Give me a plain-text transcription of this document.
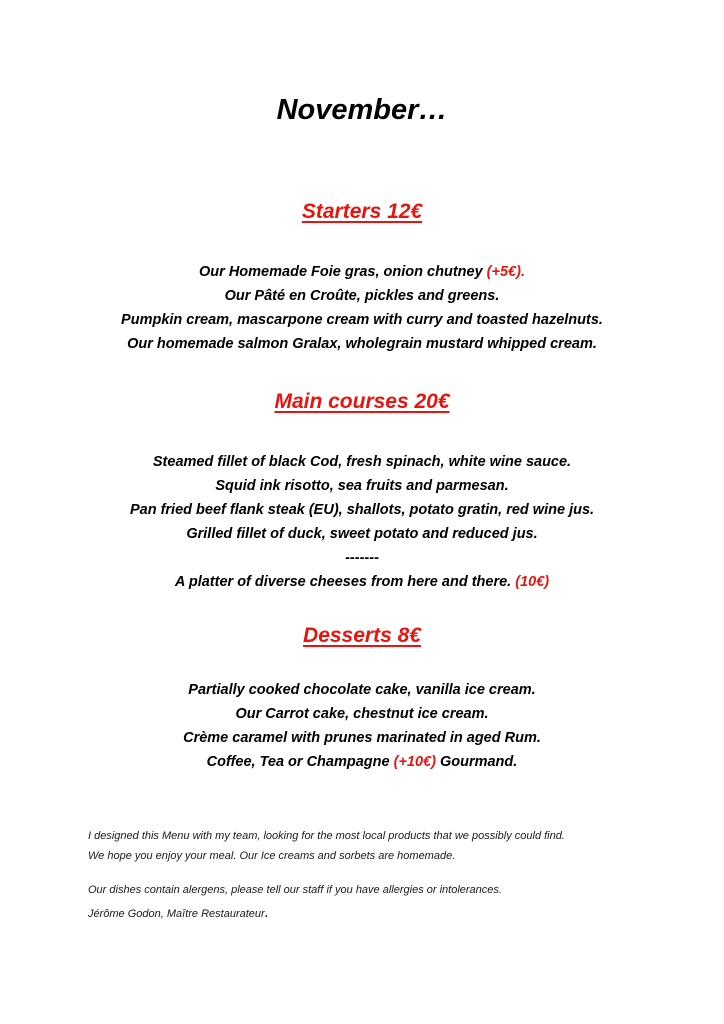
November…
Starters 12€
Our Homemade Foie gras, onion chutney (+5€).
Our Pâté en Croûte, pickles and greens.
Pumpkin cream, mascarpone cream with curry and toasted hazelnuts.
Our homemade salmon Gralax, wholegrain mustard whipped cream.
Main courses 20€
Steamed fillet of black Cod, fresh spinach, white wine sauce.
Squid ink risotto, sea fruits and parmesan.
Pan fried beef flank steak (EU), shallots, potato gratin, red wine jus.
Grilled fillet of duck, sweet potato and reduced jus.
-------
A platter of diverse cheeses from here and there. (10€)
Desserts 8€
Partially cooked chocolate cake, vanilla ice cream.
Our Carrot cake, chestnut ice cream.
Crème caramel with prunes marinated in aged Rum.
Coffee, Tea or Champagne (+10€) Gourmand.

I designed this Menu with my team, looking for the most local products that we possibly could find.

We hope you enjoy your meal. Our Ice creams and sorbets are homemade.

Our dishes contain alergens, please tell our staff if you have allergies or intolerances.

Jérôme Godon, Maître Restaurateur.
